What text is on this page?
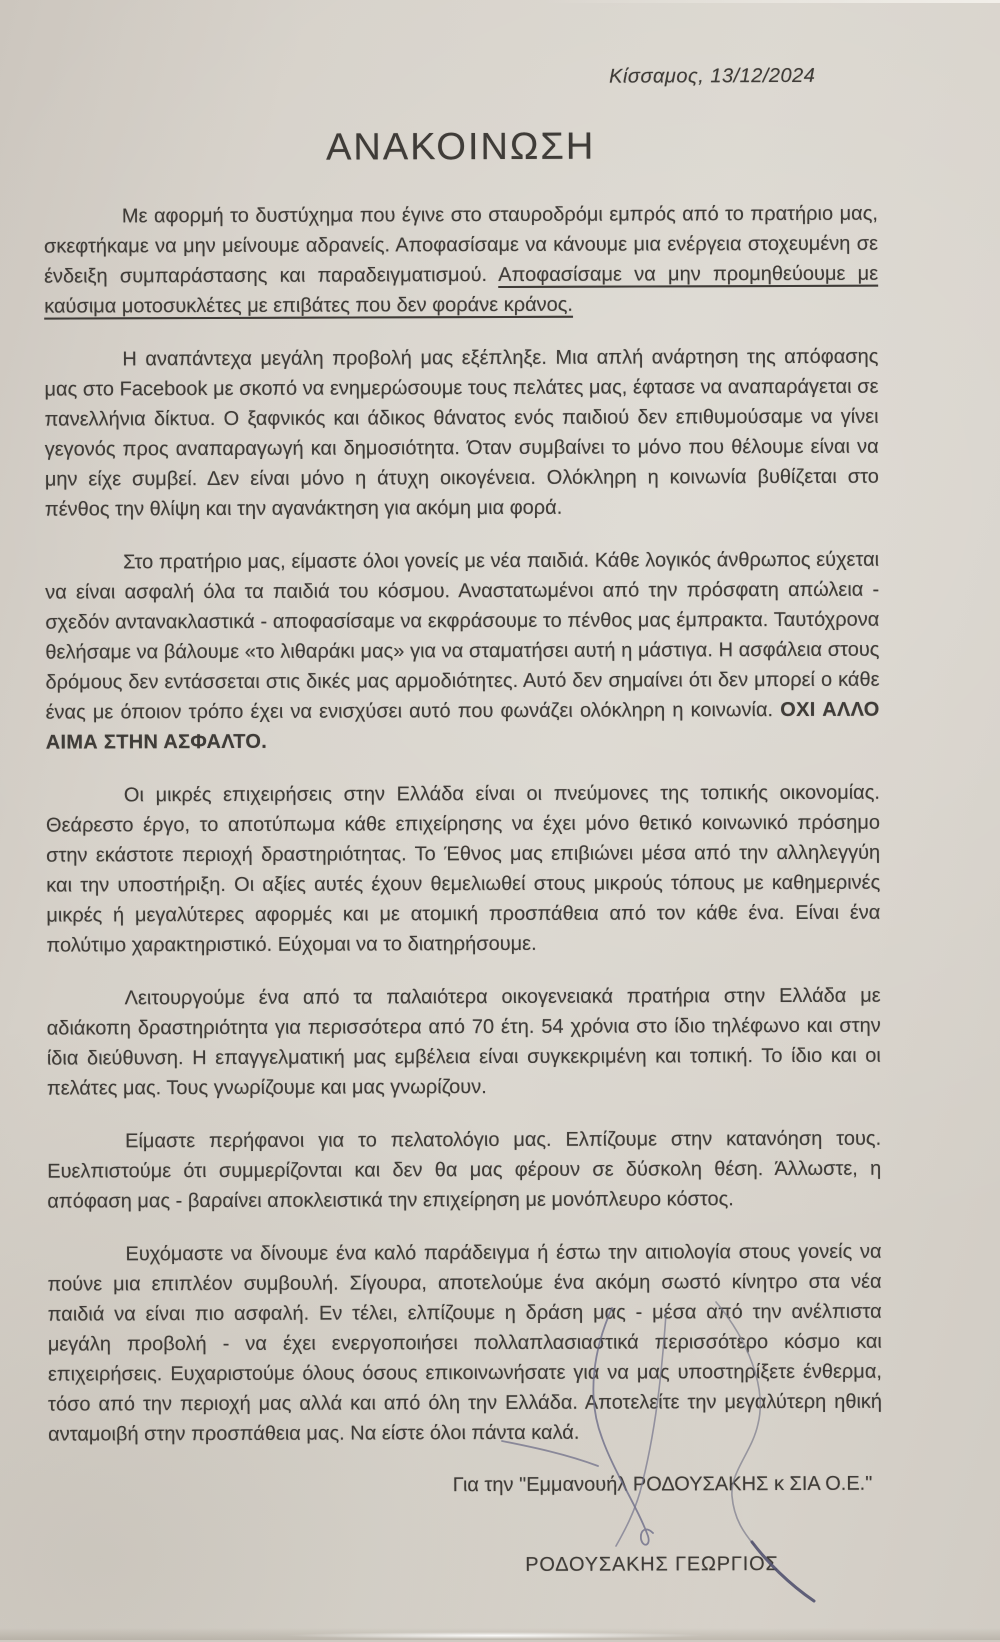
Κίσσαμος, 13/12/2024
ΑΝΑΚΟΙΝΩΣΗ

Με αφορμή το δυστύχημα που έγινε στο σταυροδρόμι εμπρός από το πρατήριο μας, σκεφτήκαμε να μην μείνουμε αδρανείς. Αποφασίσαμε να κάνουμε μια ενέργεια στοχευμένη σε ένδειξη συμπαράστασης και παραδειγματισμού. Αποφασίσαμε να μην προμηθεύουμε με καύσιμα μοτοσυκλέτες με επιβάτες που δεν φοράνε κράνος.

Η αναπάντεχα μεγάλη προβολή μας εξέπληξε. Μια απλή ανάρτηση της απόφασης μας στο Facebook με σκοπό να ενημερώσουμε τους πελάτες μας, έφτασε να αναπαράγεται σε πανελλήνια δίκτυα. Ο ξαφνικός και άδικος θάνατος ενός παιδιού δεν επιθυμούσαμε να γίνει γεγονός προς αναπαραγωγή και δημοσιότητα. Όταν συμβαίνει το μόνο που θέλουμε είναι να μην είχε συμβεί. Δεν είναι μόνο η άτυχη οικογένεια. Ολόκληρη η κοινωνία βυθίζεται στο πένθος την θλίψη και την αγανάκτηση για ακόμη μια φορά.

Στο πρατήριο μας, είμαστε όλοι γονείς με νέα παιδιά. Κάθε λογικός άνθρωπος εύχεται να είναι ασφαλή όλα τα παιδιά του κόσμου. Αναστατωμένοι από την πρόσφατη απώλεια - σχεδόν αντανακλαστικά - αποφασίσαμε να εκφράσουμε το πένθος μας έμπρακτα. Ταυτόχρονα θελήσαμε να βάλουμε «το λιθαράκι μας» για να σταματήσει αυτή η μάστιγα. Η ασφάλεια στους δρόμους δεν εντάσσεται στις δικές μας αρμοδιότητες. Αυτό δεν σημαίνει ότι δεν μπορεί ο κάθε ένας με όποιον τρόπο έχει να ενισχύσει αυτό που φωνάζει ολόκληρη η κοινωνία. ΟΧΙ ΑΛΛΟ ΑΙΜΑ ΣΤΗΝ ΑΣΦΑΛΤΟ.

Οι μικρές επιχειρήσεις στην Ελλάδα είναι οι πνεύμονες της τοπικής οικονομίας. Θεάρεστο έργο, το αποτύπωμα κάθε επιχείρησης να έχει μόνο θετικό κοινωνικό πρόσημο στην εκάστοτε περιοχή δραστηριότητας. Το Έθνος μας επιβιώνει μέσα από την αλληλεγγύη και την υποστήριξη. Οι αξίες αυτές έχουν θεμελιωθεί στους μικρούς τόπους με καθημερινές μικρές ή μεγαλύτερες αφορμές και με ατομική προσπάθεια από τον κάθε ένα. Είναι ένα πολύτιμο χαρακτηριστικό. Εύχομαι να το διατηρήσουμε.

Λειτουργούμε ένα από τα παλαιότερα οικογενειακά πρατήρια στην Ελλάδα με αδιάκοπη δραστηριότητα για περισσότερα από 70 έτη. 54 χρόνια στο ίδιο τηλέφωνο και στην ίδια διεύθυνση. Η επαγγελματική μας εμβέλεια είναι συγκεκριμένη και τοπική. Το ίδιο και οι πελάτες μας. Τους γνωρίζουμε και μας γνωρίζουν.

Είμαστε περήφανοι για το πελατολόγιο μας. Ελπίζουμε στην κατανόηση τους. Ευελπιστούμε ότι συμμερίζονται και δεν θα μας φέρουν σε δύσκολη θέση. Άλλωστε, η απόφαση μας - βαραίνει αποκλειστικά την επιχείρηση με μονόπλευρο κόστος.

Ευχόμαστε να δίνουμε ένα καλό παράδειγμα ή έστω την αιτιολογία στους γονείς να πούνε μια επιπλέον συμβουλή. Σίγουρα, αποτελούμε ένα ακόμη σωστό κίνητρο στα νέα παιδιά να είναι πιο ασφαλή. Εν τέλει, ελπίζουμε η δράση μας - μέσα από την ανέλπιστα μεγάλη προβολή - να έχει ενεργοποιήσει πολλαπλασιαστικά περισσότερο κόσμο και επιχειρήσεις. Ευχαριστούμε όλους όσους επικοινωνήσατε για να μας υποστηρίξετε ένθερμα, τόσο από την περιοχή μας αλλά και από όλη την Ελλάδα. Αποτελείτε την μεγαλύτερη ηθική ανταμοιβή στην προσπάθεια μας. Να είστε όλοι πάντα καλά.

Για την "Εμμανουήλ ΡΟΔΟΥΣΑΚΗΣ κ ΣΙΑ Ο.Ε."
ΡΟΔΟΥΣΑΚΗΣ ΓΕΩΡΓΙΟΣ
